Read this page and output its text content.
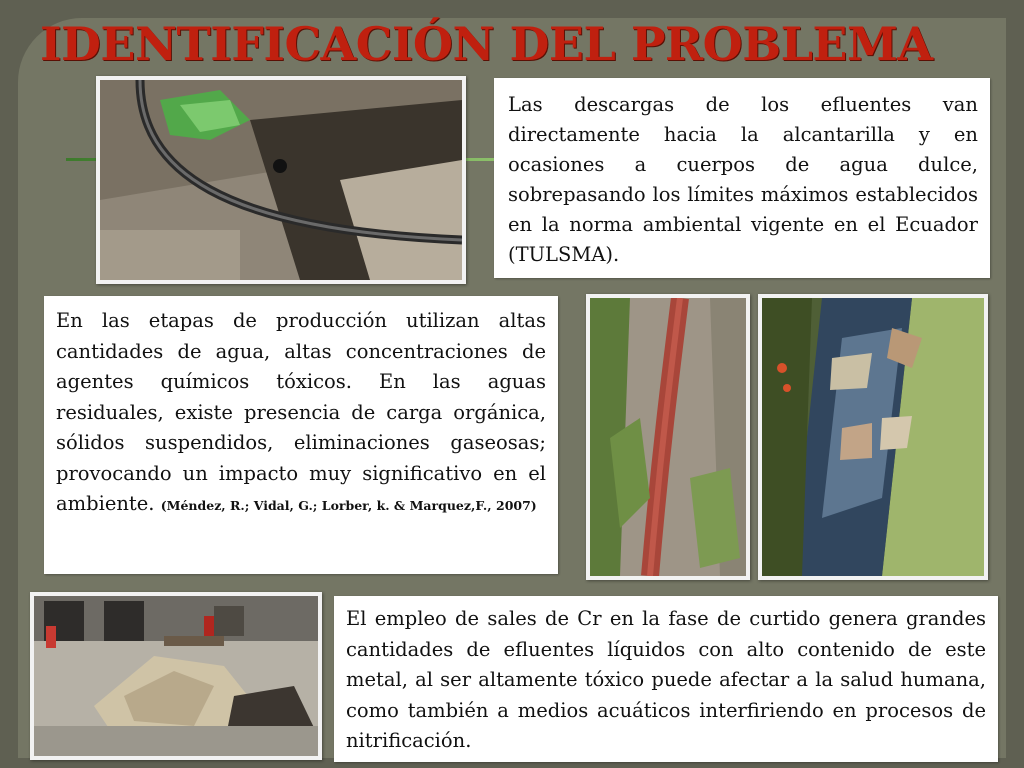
IDENTIFICACIÓN DEL PROBLEMA
Las descargas de los efluentes van directamente hacia la alcantarilla y en ocasiones a cuerpos de agua dulce, sobrepasando los límites máximos establecidos en la norma ambiental vigente en el Ecuador (TULSMA).
En las etapas de producción utilizan altas cantidades de agua, altas concentraciones de agentes químicos tóxicos. En las aguas residuales, existe presencia de carga orgánica, sólidos suspendidos, eliminaciones gaseosas; provocando un impacto muy significativo en el ambiente. (Méndez, R.; Vidal, G.; Lorber, k. & Marquez,F., 2007)
El empleo de sales de Cr en la fase de curtido genera grandes cantidades de efluentes líquidos con alto contenido de este metal, al ser altamente tóxico puede afectar a la salud humana, como también a medios acuáticos interfiriendo en procesos de nitrificación.
